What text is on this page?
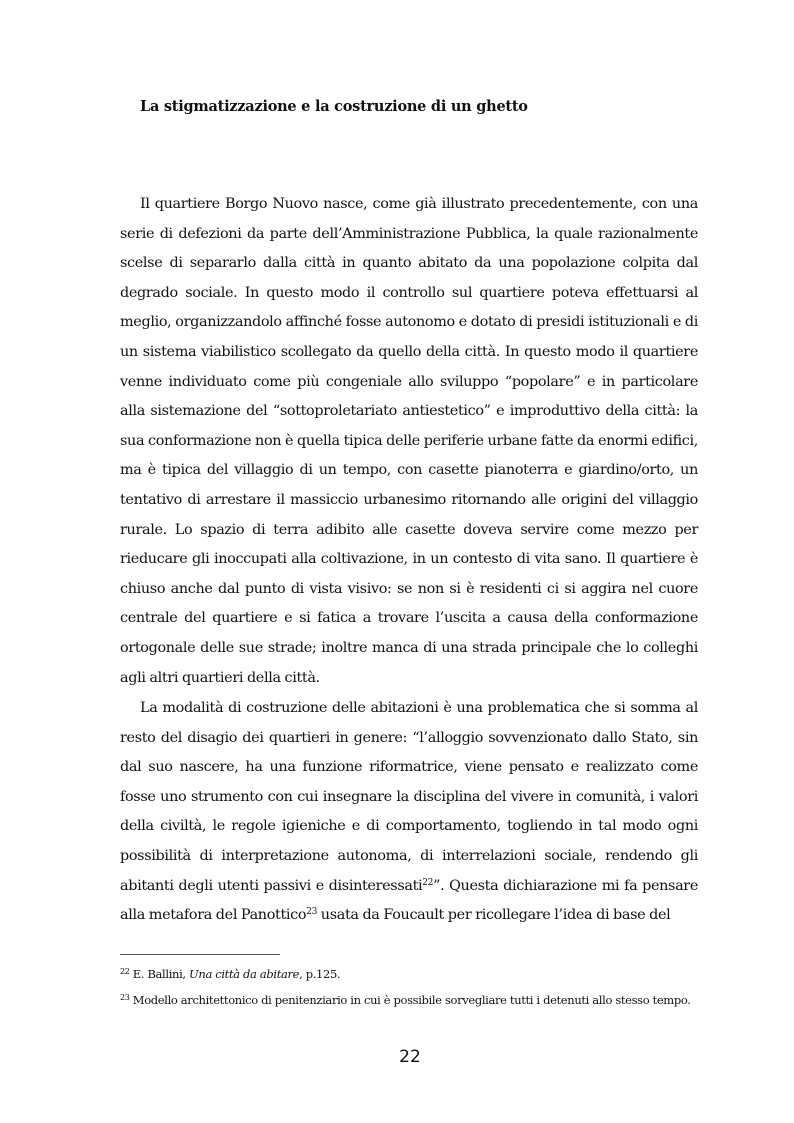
La stigmatizzazione e la costruzione di un ghetto

Il quartiere Borgo Nuovo nasce, come già illustrato precedentemente, con una serie di defezioni da parte dell’Amministrazione Pubblica, la quale razionalmente scelse di separarlo dalla città in quanto abitato da una popolazione colpita dal degrado sociale. In questo modo il controllo sul quartiere poteva effettuarsi al meglio, organizzandolo affinché fosse autonomo e dotato di presidi istituzionali e di un sistema viabilistico scollegato da quello della città. In questo modo il quartiere venne individuato come più congeniale allo sviluppo “popolare” e in particolare alla sistemazione del “sottoproletariato antiestetico” e improduttivo della città: la sua conformazione non è quella tipica delle periferie urbane fatte da enormi edifici, ma è tipica del villaggio di un tempo, con casette pianoterra e giardino/orto, un tentativo di arrestare il massiccio urbanesimo ritornando alle origini del villaggio rurale. Lo spazio di terra adibito alle casette doveva servire come mezzo per rieducare gli inoccupati alla coltivazione, in un contesto di vita sano. Il quartiere è chiuso anche dal punto di vista visivo: se non si è residenti ci si aggira nel cuore centrale del quartiere e si fatica a trovare l’uscita a causa della conformazione ortogonale delle sue strade; inoltre manca di una strada principale che lo colleghi agli altri quartieri della città.

La modalità di costruzione delle abitazioni è una problematica che si somma al resto del disagio dei quartieri in genere: “l’alloggio sovvenzionato dallo Stato, sin dal suo nascere, ha una funzione riformatrice, viene pensato e realizzato come fosse uno strumento con cui insegnare la disciplina del vivere in comunità, i valori della civiltà, le regole igieniche e di comportamento, togliendo in tal modo ogni possibilità di interpretazione autonoma, di interrelazioni sociale, rendendo gli abitanti degli utenti passivi e disinteressati$^{22}$”. Questa dichiarazione mi fa pensare alla metafora del Panottico$^{23}$ usata da Foucault per ricollegare l’idea di base del

$^{22}$ E. Ballini, Una città da abitare, p.125.

$^{23}$ Modello architettonico di penitenziario in cui è possibile sorvegliare tutti i detenuti allo stesso tempo.

22
